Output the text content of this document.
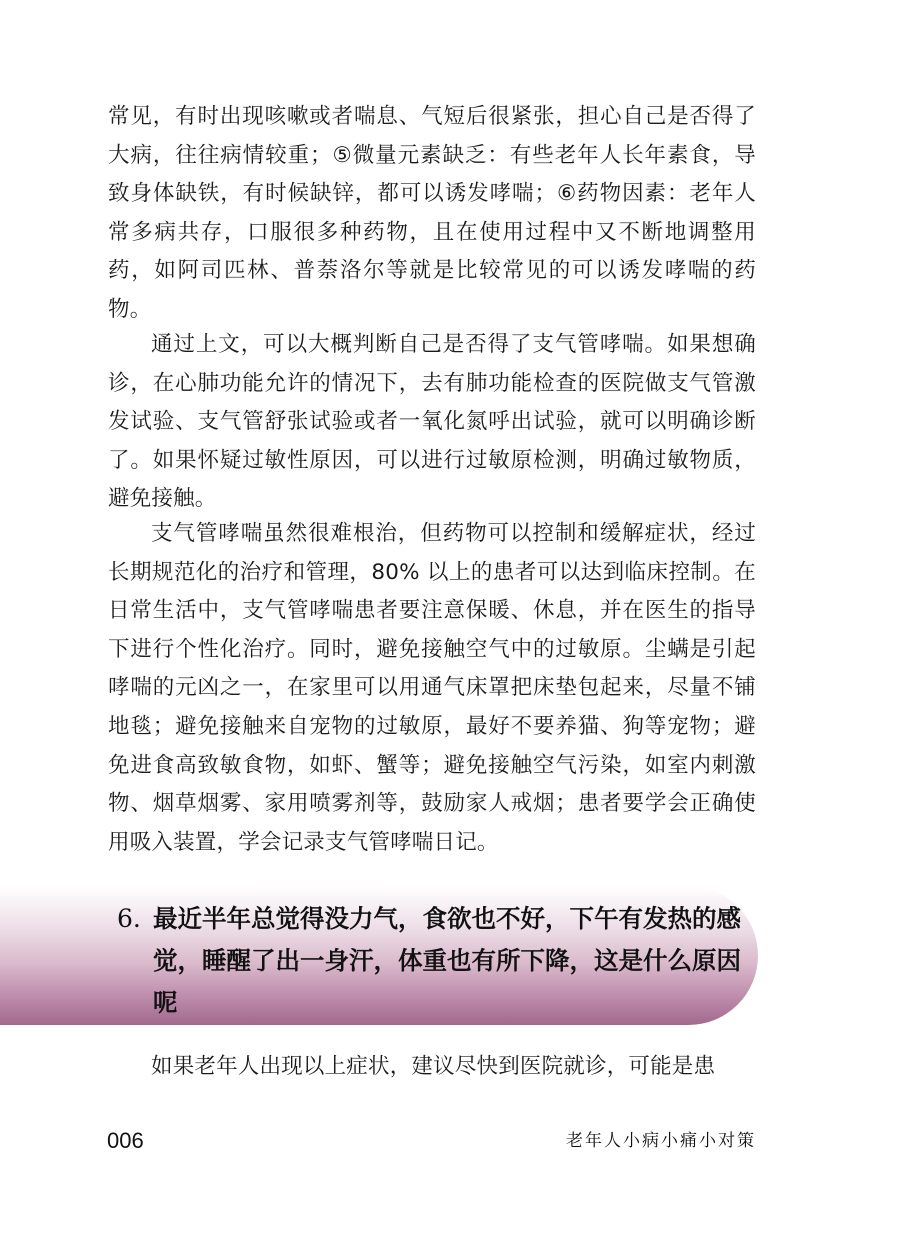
常见，有时出现咳嗽或者喘息、气短后很紧张，担心自己是否得了大病，往往病情较重；⑤微量元素缺乏：有些老年人长年素食，导致身体缺铁，有时候缺锌，都可以诱发哮喘；⑥药物因素：老年人常多病共存，口服很多种药物，且在使用过程中又不断地调整用药，如阿司匹林、普萘洛尔等就是比较常见的可以诱发哮喘的药物。

通过上文，可以大概判断自己是否得了支气管哮喘。如果想确诊，在心肺功能允许的情况下，去有肺功能检查的医院做支气管激发试验、支气管舒张试验或者一氧化氮呼出试验，就可以明确诊断了。如果怀疑过敏性原因，可以进行过敏原检测，明确过敏物质，避免接触。

支气管哮喘虽然很难根治，但药物可以控制和缓解症状，经过长期规范化的治疗和管理，80% 以上的患者可以达到临床控制。在日常生活中，支气管哮喘患者要注意保暖、休息，并在医生的指导下进行个性化治疗。同时，避免接触空气中的过敏原。尘螨是引起哮喘的元凶之一，在家里可以用通气床罩把床垫包起来，尽量不铺地毯；避免接触来自宠物的过敏原，最好不要养猫、狗等宠物；避免进食高致敏食物，如虾、蟹等；避免接触空气污染，如室内刺激物、烟草烟雾、家用喷雾剂等，鼓励家人戒烟；患者要学会正确使用吸入装置，学会记录支气管哮喘日记。

6. 最近半年总觉得没力气，食欲也不好，下午有发热的感觉，睡醒了出一身汗，体重也有所下降，这是什么原因呢

如果老年人出现以上症状，建议尽快到医院就诊，可能是患

006	老年人小病小痛小对策
